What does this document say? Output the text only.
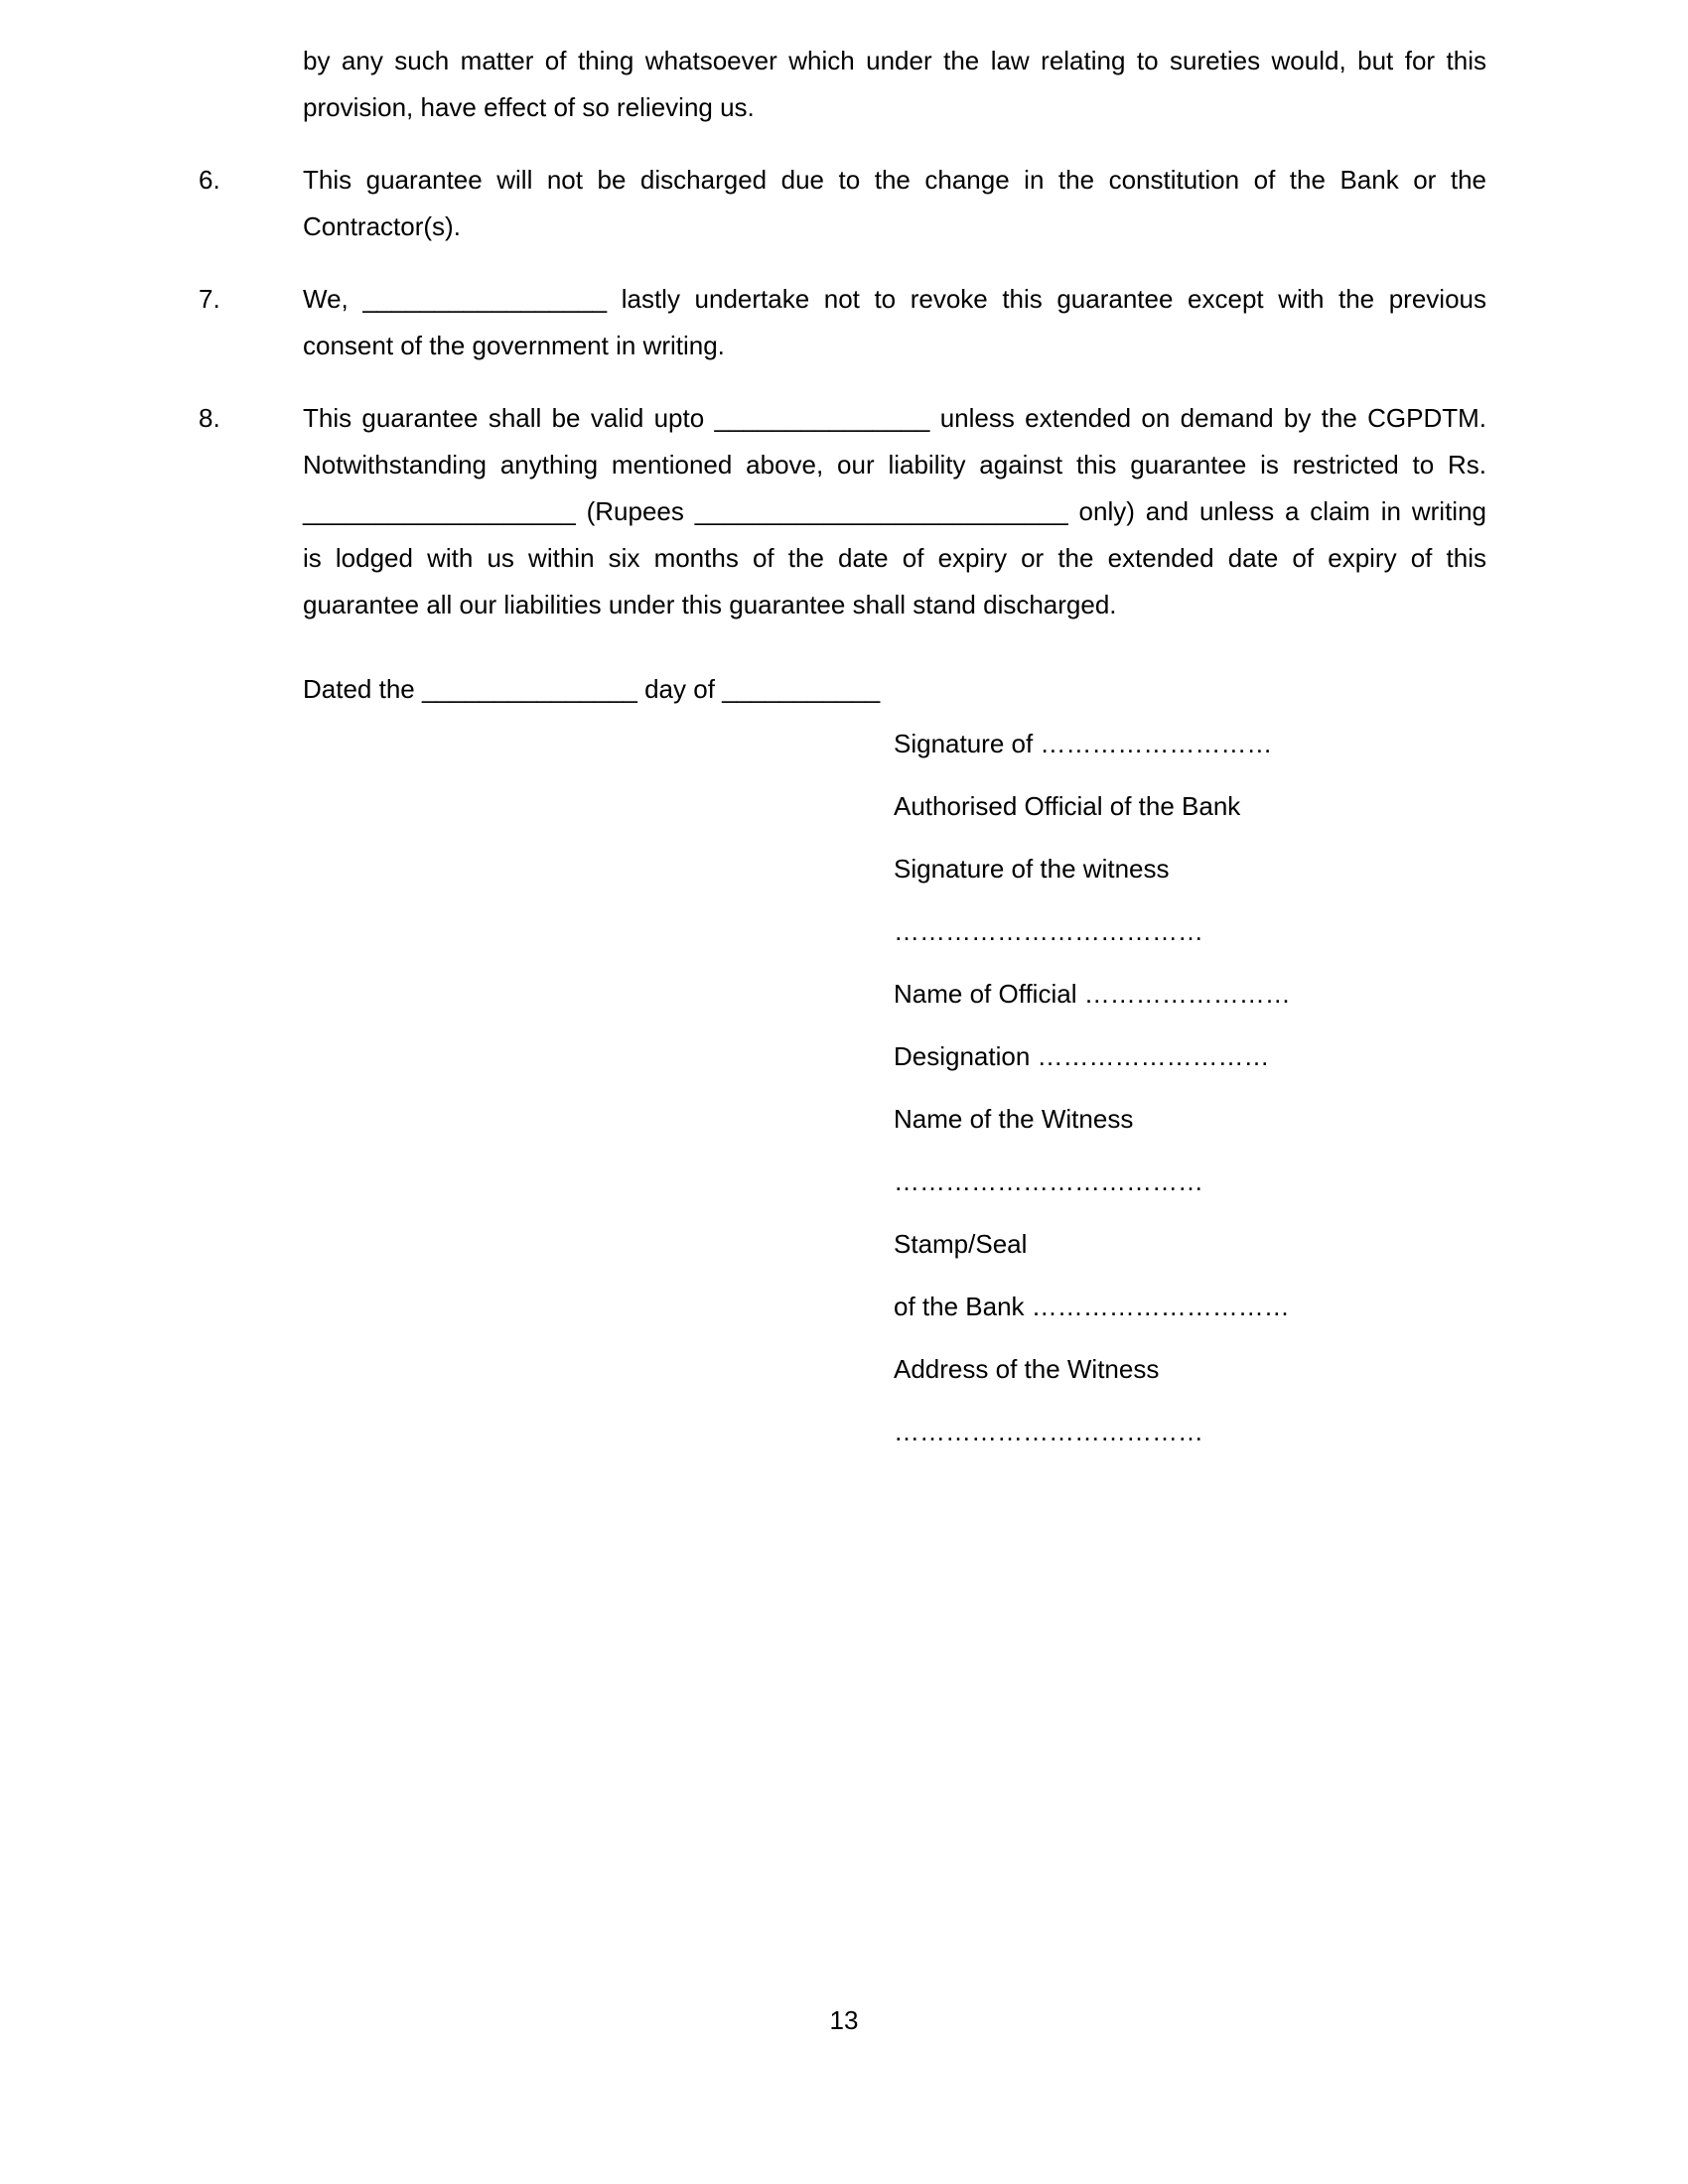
by any such matter of thing whatsoever which under the law relating to sureties would, but for this
provision, have effect of so relieving us.
6.	This guarantee will not be discharged due to the change in the constitution of the Bank or the
Contractor(s).
7.	We, _________________ lastly undertake not to revoke this guarantee except with the previous
consent of the government in writing.
8.	This guarantee shall be valid upto _______________ unless extended on demand by the CGPDTM.
Notwithstanding anything mentioned above, our liability against this guarantee is restricted to Rs.
___________________ (Rupees __________________________ only) and unless a claim in writing
is lodged with us within six months of the date of expiry or the extended date of expiry of this
guarantee all our liabilities under this guarantee shall stand discharged.
Dated the _______________ day of ___________
Signature of ………………………
Authorised Official of the Bank
Signature of the witness
………………………………
Name of Official ……………………
Designation ………………………
Name of the Witness
………………………………
Stamp/Seal
of the Bank …………………………
Address of the Witness
………………………………
13
